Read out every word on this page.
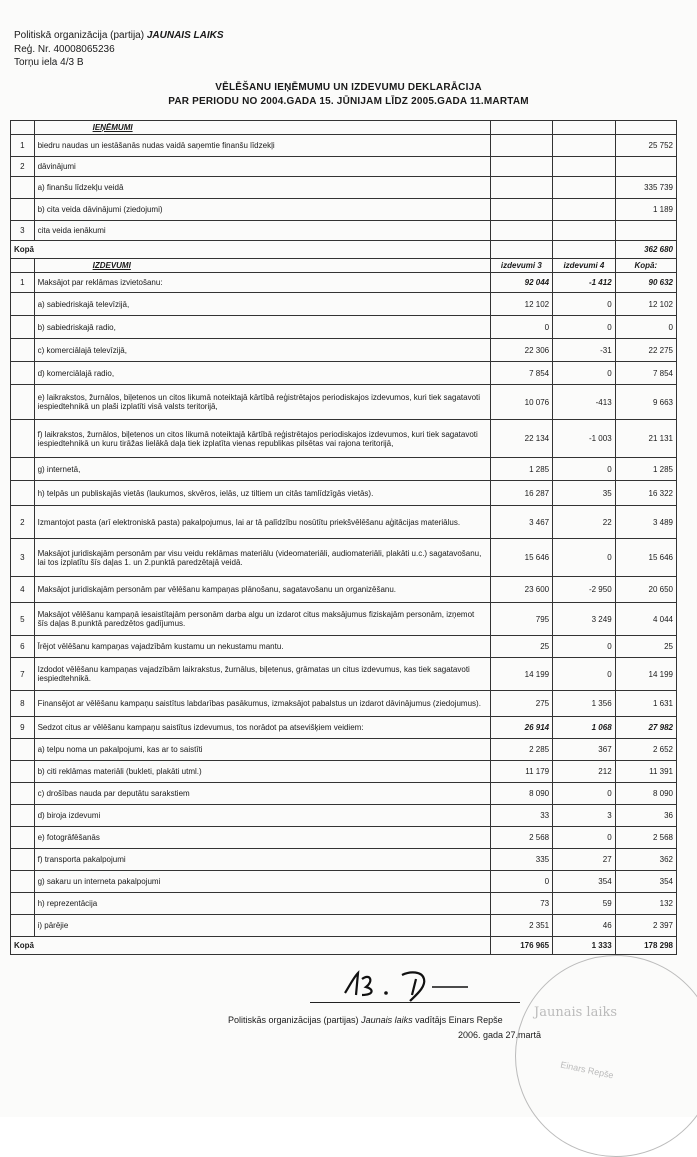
Politiskā organizācija (partija) JAUNAIS LAIKS
Reģ. Nr. 40008065236
Torņu iela 4/3 B
VĒLĒŠANU IEŅĒMUMU UN IZDEVUMU DEKLARĀCIJA
PAR PERIODU NO 2004.GADA 15. JŪNIJAM LĪDZ 2005.GADA 11.MARTAM
	IEŅĒMUMI			
1	biedru naudas un iestāšanās nudas vaidā saņemtie finanšu līdzekļi			25 752
2	dāvinājumi			
	a) finanšu līdzekļu veidā			335 739
	b) cita veida dāvinājumi (ziedojumi)			1 189
3	cita veida ienākumi			
Kopā				362 680
	IZDEVUMI	izdevumi 3	izdevumi 4	Kopā:
1	Maksājot par reklāmas izvietošanu:	92 044	-1 412	90 632
	a) sabiedriskajā televīzijā,	12 102	0	12 102
	b) sabiedriskajā radio,	0	0	0
	c) komerciālajā televīzijā,	22 306	-31	22 275
	d) komerciālajā radio,	7 854	0	7 854
	e) laikrakstos, žurnālos, biļetenos un citos likumā noteiktajā kārtībā reģistrētajos periodiskajos izdevumos, kuri tiek sagatavoti iespiedtehnikā un plaši izplatīti visā valsts teritorijā,	10 076	-413	9 663
	f) laikrakstos, žurnālos, biļetenos un citos likumā noteiktajā kārtībā reģistrētajos periodiskajos izdevumos, kuri tiek sagatavoti iespiedtehnikā un kuru tirāžas lielākā daļa tiek izplatīta vienas republikas pilsētas vai rajona teritorijā,	22 134	-1 003	21 131
	g) internetā,	1 285	0	1 285
	h) telpās un publiskajās vietās (laukumos, skvēros, ielās, uz tiltiem un citās tamlīdzīgās vietās).	16 287	35	16 322
2	Izmantojot pasta (arī elektroniskā pasta) pakalpojumus, lai ar tā palīdzību nosūtītu priekšvēlēšanu aģitācijas materiālus.	3 467	22	3 489
3	Maksājot juridiskajām personām par visu veidu reklāmas materiālu (videomateriāli, audiomateriāli, plakāti u.c.) sagatavošanu, lai tos izplatītu šīs daļas 1. un 2.punktā paredzētajā veidā.	15 646	0	15 646
4	Maksājot juridiskajām personām par vēlēšanu kampaņas plānošanu, sagatavošanu un organizēšanu.	23 600	-2 950	20 650
5	Maksājot vēlēšanu kampaņā iesaistītajām personām darba algu un izdarot citus maksājumus fiziskajām personām, izņemot šīs daļas 8.punktā paredzētos gadījumus.	795	3 249	4 044
6	Īrējot vēlēšanu kampaņas vajadzībām kustamu un nekustamu mantu.	25	0	25
7	Izdodot vēlēšanu kampaņas vajadzībām laikrakstus, žurnālus, biļetenus, grāmatas un citus izdevumus, kas tiek sagatavoti iespiedtehnikā.	14 199	0	14 199
8	Finansējot ar vēlēšanu kampaņu saistītus labdarības pasākumus, izmaksājot pabalstus un izdarot dāvinājumus (ziedojumus).	275	1 356	1 631
9	Sedzot citus ar vēlēšanu kampaņu saistītus izdevumus, tos norādot pa atsevišķiem veidiem:	26 914	1 068	27 982
	a) telpu noma un pakalpojumi, kas ar to saistīti	2 285	367	2 652
	b) citi reklāmas materiāli (bukleti, plakāti utml.)	11 179	212	11 391
	c) drošības nauda par deputātu sarakstiem	8 090	0	8 090
	d) biroja izdevumi	33	3	36
	e) fotogrāfēšanās	2 568	0	2 568
	f) transporta pakalpojumi	335	27	362
	g) sakaru un interneta pakalpojumi	0	354	354
	h) reprezentācija	73	59	132
	i) pārējie	2 351	46	2 397
Kopā		176 965	1 333	178 298
Jaunais laiks
Einars Repše
Politiskās organizācijas (partijas) Jaunais laiks vadītājs Einars Repše
2006. gada 27.martā
